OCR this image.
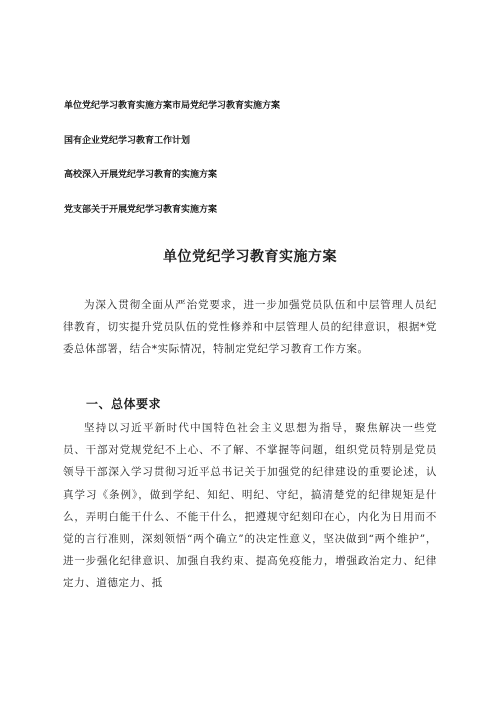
单位党纪学习教育实施方案市局党纪学习教育实施方案
国有企业党纪学习教育工作计划
高校深入开展党纪学习教育的实施方案
党支部关于开展党纪学习教育实施方案
单位党纪学习教育实施方案

为深入贯彻全面从严治党要求，进一步加强党员队伍和中层管理人员纪律教育，切实提升党员队伍的党性修养和中层管理人员的纪律意识，根据*党委总体部署，结合*实际情况，特制定党纪学习教育工作方案。

一、总体要求

坚持以习近平新时代中国特色社会主义思想为指导，聚焦解决一些党员、干部对党规党纪不上心、不了解、不掌握等问题，组织党员特别是党员领导干部深入学习贯彻习近平总书记关于加强党的纪律建设的重要论述，认真学习《条例》，做到学纪、知纪、明纪、守纪，搞清楚党的纪律规矩是什么，弄明白能干什么、不能干什么，把遵规守纪刻印在心，内化为日用而不觉的言行准则，深刻领悟“两个确立”的决定性意义，坚决做到“两个维护”，进一步强化纪律意识、加强自我约束、提高免疫能力，增强政治定力、纪律定力、道德定力、抵
